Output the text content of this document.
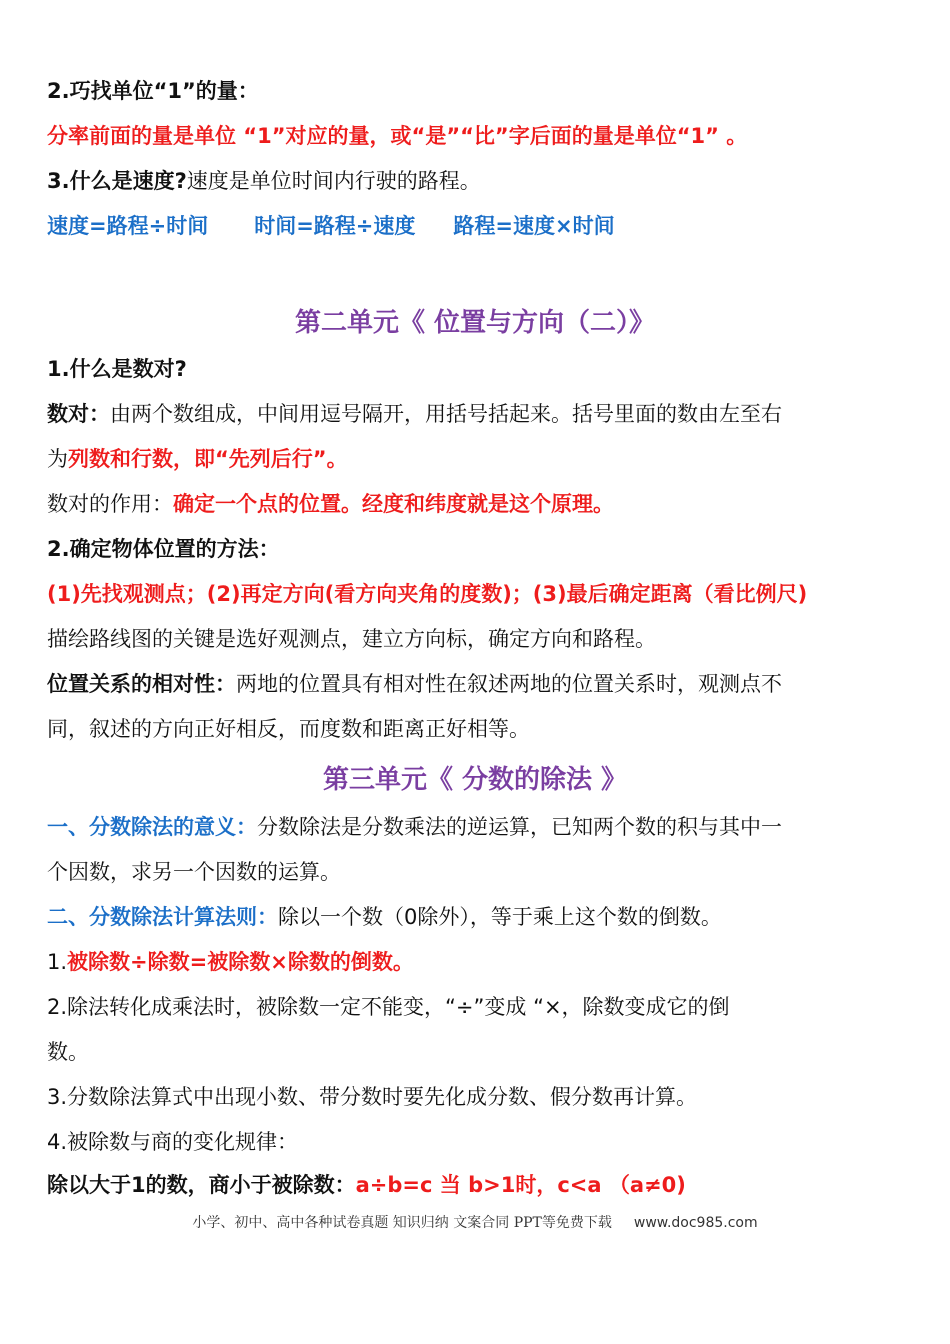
2.巧找单位“1”的量：
分率前面的量是单位 “1”对应的量，或“是”“比”字后面的量是单位“1” 。
3.什么是速度?速度是单位时间内行驶的路程。
速度=路程÷时间 时间=路程÷速度 路程=速度×时间
第二单元《 位置与方向（二）》
1.什么是数对?
数对：由两个数组成，中间用逗号隔开，用括号括起来。括号里面的数由左至右
为列数和行数，即“先列后行”。
数对的作用：确定一个点的位置。经度和纬度就是这个原理。
2.确定物体位置的方法：
(1)先找观测点；(2)再定方向(看方向夹角的度数)；(3)最后确定距离（看比例尺)
描绘路线图的关键是选好观测点，建立方向标，确定方向和路程。
位置关系的相对性：两地的位置具有相对性在叙述两地的位置关系时，观测点不
同，叙述的方向正好相反，而度数和距离正好相等。
第三单元《 分数的除法 》
一、分数除法的意义：分数除法是分数乘法的逆运算，已知两个数的积与其中一
个因数，求另一个因数的运算。
二、分数除法计算法则：除以一个数（0除外），等于乘上这个数的倒数。
1.被除数÷除数=被除数×除数的倒数。
2.除法转化成乘法时，被除数一定不能变，“÷”变成 “×，除数变成它的倒
数。
3.分数除法算式中出现小数、带分数时要先化成分数、假分数再计算。
4.被除数与商的变化规律：
除以大于1的数，商小于被除数：a÷b=c 当 b>1时，c<a （a≠0)
小学、初中、高中各种试卷真题 知识归纳 文案合同 PPT等免费下载 www.doc985.com
